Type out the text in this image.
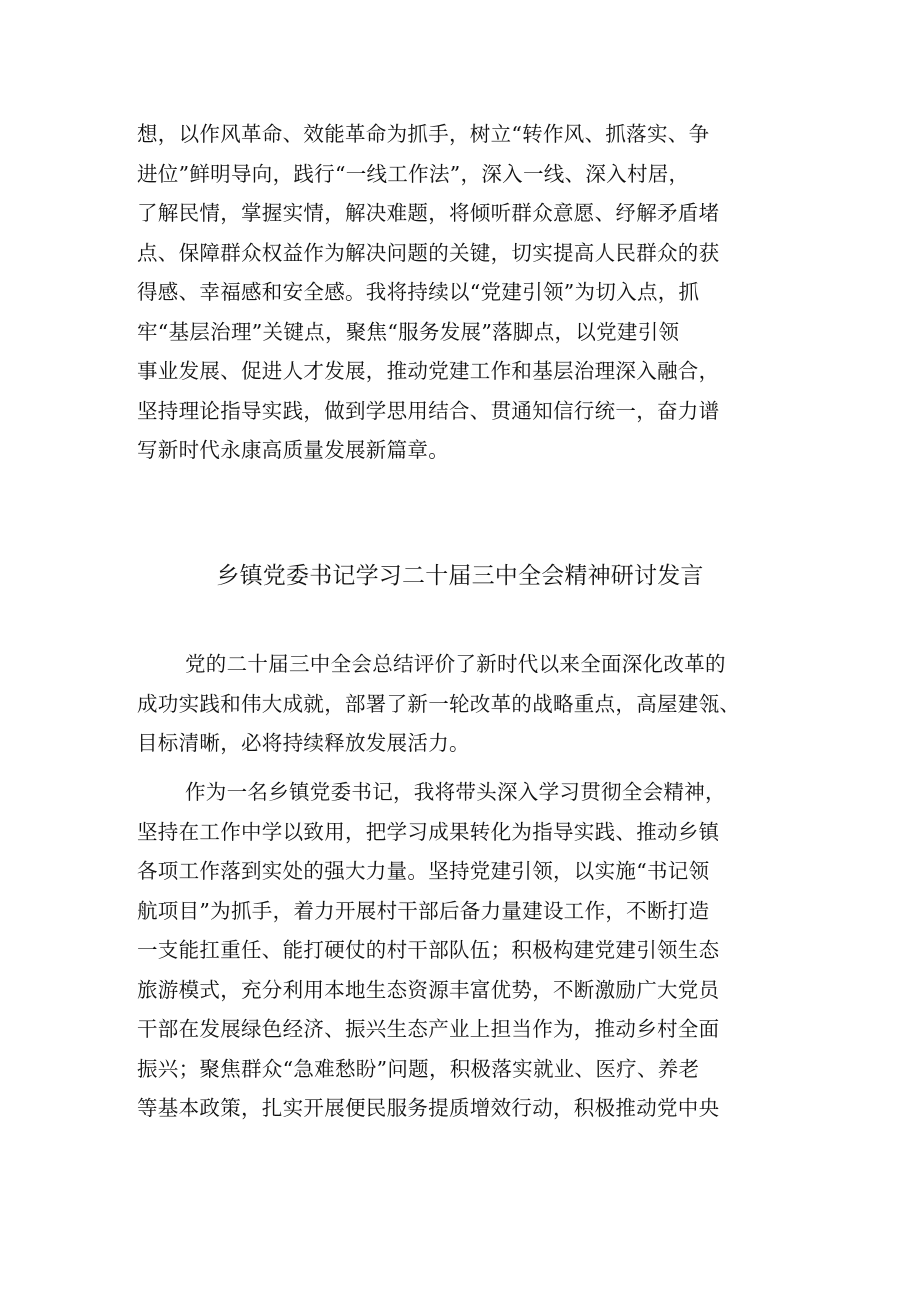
想，以作风革命、效能革命为抓手，树立“转作风、抓落实、争
进位”鲜明导向，践行“一线工作法”，深入一线、深入村居，
了解民情，掌握实情，解决难题，将倾听群众意愿、纾解矛盾堵
点、保障群众权益作为解决问题的关键，切实提高人民群众的获
得感、幸福感和安全感。我将持续以“党建引领”为切入点，抓
牢“基层治理”关键点，聚焦“服务发展”落脚点，以党建引领
事业发展、促进人才发展，推动党建工作和基层治理深入融合，
坚持理论指导实践，做到学思用结合、贯通知信行统一，奋力谱
写新时代永康高质量发展新篇章。
乡镇党委书记学习二十届三中全会精神研讨发言
党的二十届三中全会总结评价了新时代以来全面深化改革的
成功实践和伟大成就，部署了新一轮改革的战略重点，高屋建瓴、
目标清晰，必将持续释放发展活力。
作为一名乡镇党委书记，我将带头深入学习贯彻全会精神，
坚持在工作中学以致用，把学习成果转化为指导实践、推动乡镇
各项工作落到实处的强大力量。坚持党建引领，以实施“书记领
航项目”为抓手，着力开展村干部后备力量建设工作，不断打造
一支能扛重任、能打硬仗的村干部队伍；积极构建党建引领生态
旅游模式，充分利用本地生态资源丰富优势，不断激励广大党员
干部在发展绿色经济、振兴生态产业上担当作为，推动乡村全面
振兴；聚焦群众“急难愁盼”问题，积极落实就业、医疗、养老
等基本政策，扎实开展便民服务提质增效行动，积极推动党中央
